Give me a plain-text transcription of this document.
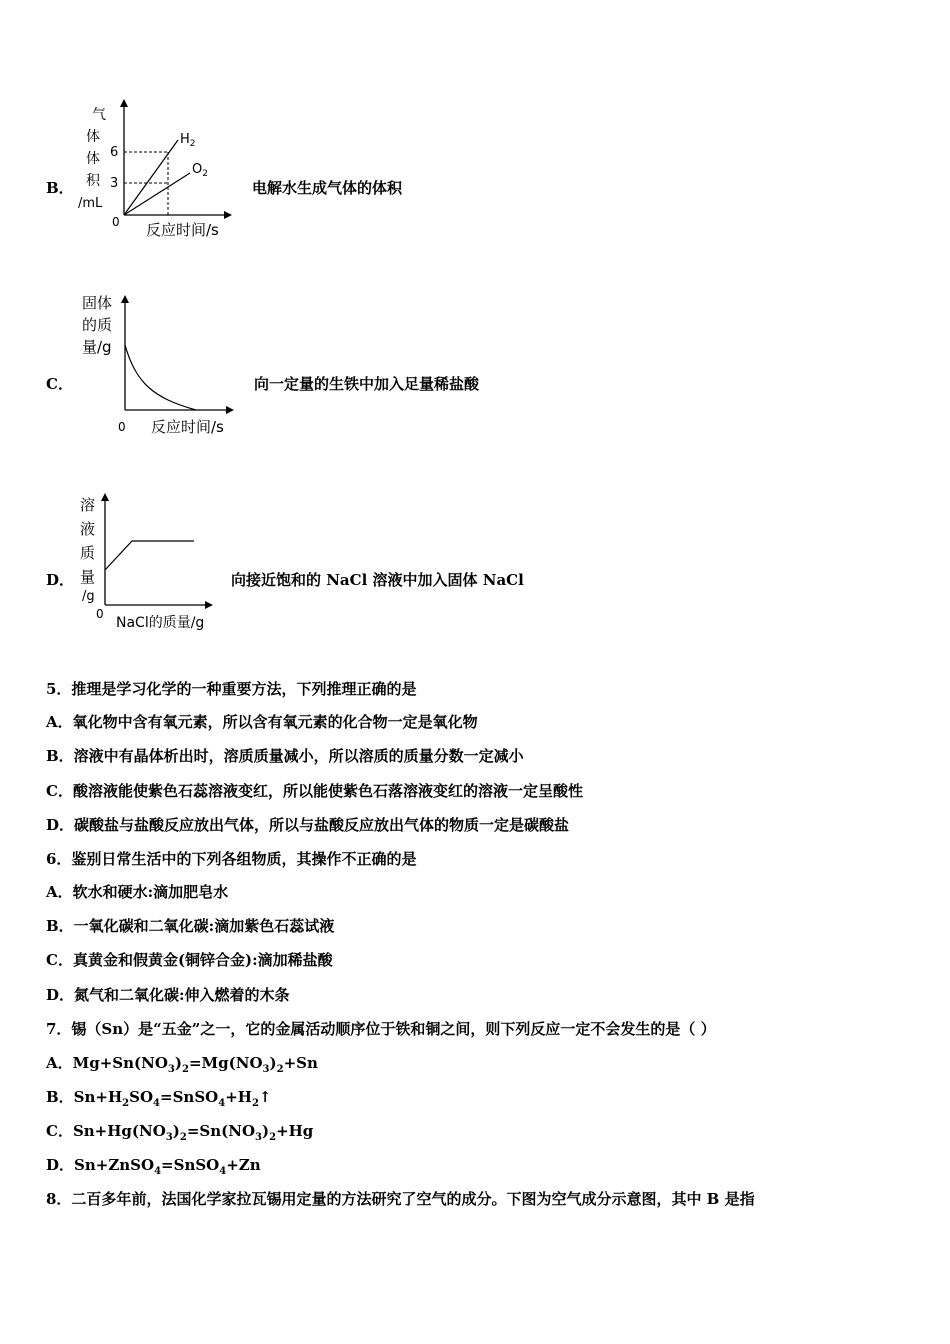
B．
气
体
体
积
/mL
$H_2$
$O_2$
6
3
0 反应时间/s
电解水生成气体的体积
C．
固体
的质
量/g
0 反应时间/s
向一定量的生铁中加入足量稀盐酸
D．
溶
液
质
量
/g
0
NaCl的质量/g
向接近饱和的 NaCl 溶液中加入固体 NaCl
5．推理是学习化学的一种重要方法，下列推理正确的是
A．氧化物中含有氧元素，所以含有氧元素的化合物一定是氧化物
B．溶液中有晶体析出时，溶质质量减小，所以溶质的质量分数一定减小
C．酸溶液能使紫色石蕊溶液变红，所以能使紫色石落溶液变红的溶液一定呈酸性
D．碳酸盐与盐酸反应放出气体，所以与盐酸反应放出气体的物质一定是碳酸盐
6．鉴别日常生活中的下列各组物质，其操作不正确的是
A．软水和硬水:滴加肥皂水
B．一氧化碳和二氧化碳:滴加紫色石蕊试液
C．真黄金和假黄金(铜锌合金):滴加稀盐酸
D．氮气和二氧化碳:伸入燃着的木条
7．锡（Sn）是“五金”之一，它的金属活动顺序位于铁和铜之间，则下列反应一定不会发生的是（ ）
A．$Mg+Sn(NO_3)_2=Mg(NO_3)_2+Sn$
B．$Sn+H_2SO_4=SnSO_4+H_2↑$
C．$Sn+Hg(NO_3)_2=Sn(NO_3)_2+Hg$
D．Sn+ZnSO$_4$=SnSO$_4$+Zn
8．二百多年前，法国化学家拉瓦锡用定量的方法研究了空气的成分。下图为空气成分示意图，其中 B 是指
